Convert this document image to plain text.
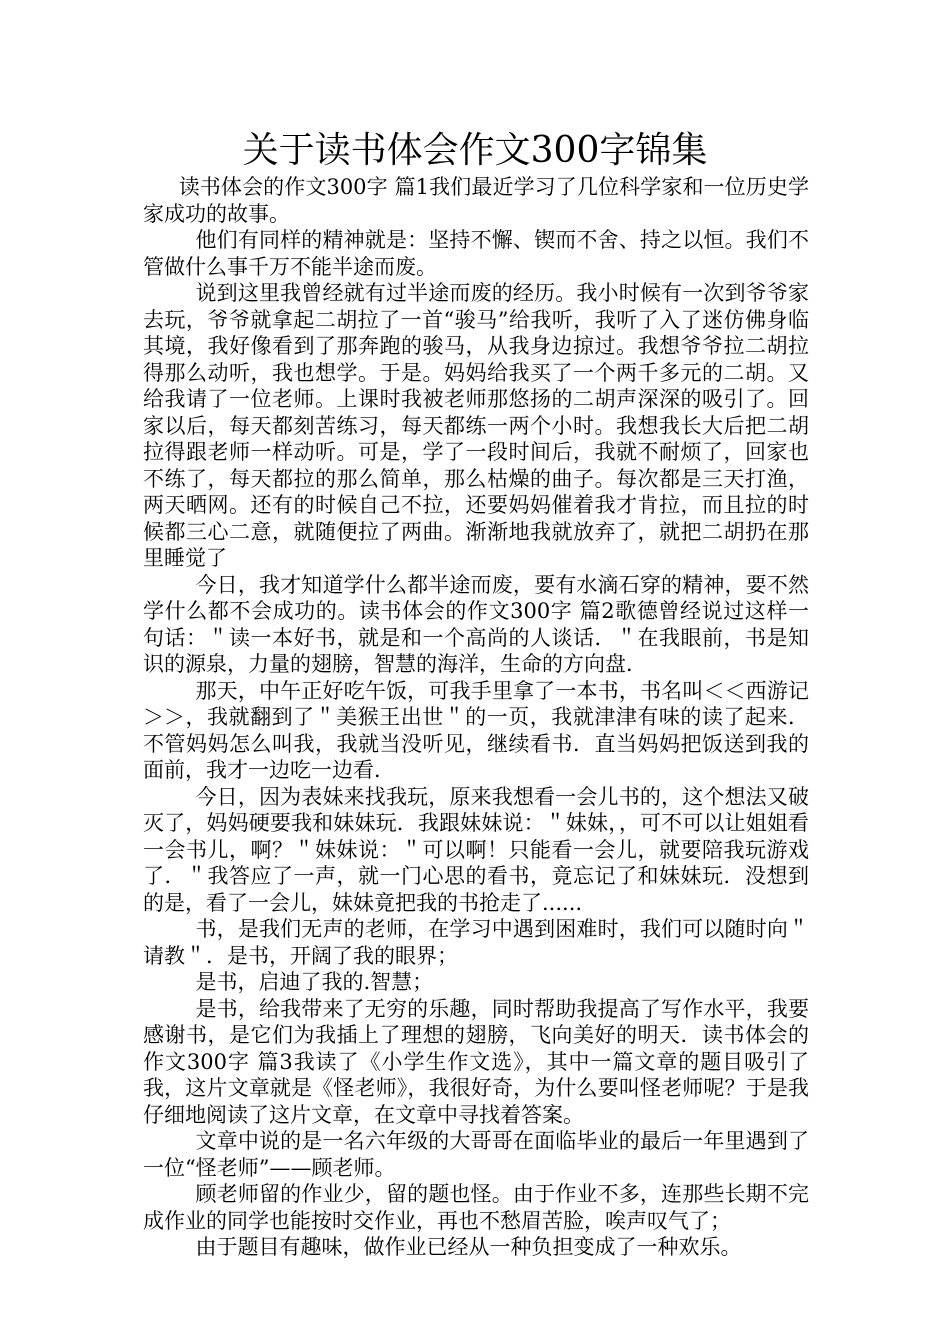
关于读书体会作文300字锦集

读书体会的作文300字 篇1我们最近学习了几位科学家和一位历史学家成功的故事。

他们有同样的精神就是：坚持不懈、锲而不舍、持之以恒。我们不管做什么事千万不能半途而废。

说到这里我曾经就有过半途而废的经历。我小时候有一次到爷爷家去玩，爷爷就拿起二胡拉了一首“骏马”给我听，我听了入了迷仿佛身临其境，我好像看到了那奔跑的骏马，从我身边掠过。我想爷爷拉二胡拉得那么动听，我也想学。于是。妈妈给我买了一个两千多元的二胡。又给我请了一位老师。上课时我被老师那悠扬的二胡声深深的吸引了。回家以后，每天都刻苦练习，每天都练一两个小时。我想我长大后把二胡拉得跟老师一样动听。可是，学了一段时间后，我就不耐烦了，回家也不练了，每天都拉的那么简单，那么枯燥的曲子。每次都是三天打渔，两天晒网。还有的时候自己不拉，还要妈妈催着我才肯拉，而且拉的时候都三心二意，就随便拉了两曲。渐渐地我就放弃了，就把二胡扔在那里睡觉了

今日，我才知道学什么都半途而废，要有水滴石穿的精神，要不然学什么都不会成功的。读书体会的作文300字 篇2歌德曾经说过这样一句话：＂读一本好书，就是和一个高尚的人谈话．＂在我眼前，书是知识的源泉，力量的翅膀，智慧的海洋，生命的方向盘．

那天，中午正好吃午饭，可我手里拿了一本书，书名叫＜＜西游记＞＞，我就翻到了＂美猴王出世＂的一页，我就津津有味的读了起来．不管妈妈怎么叫我，我就当没听见，继续看书．直当妈妈把饭送到我的面前，我才一边吃一边看．

今日，因为表妹来找我玩，原来我想看一会儿书的，这个想法又破灭了，妈妈硬要我和妹妹玩．我跟妹妹说：＂妹妹，，可不可以让姐姐看一会书儿，啊？＂妹妹说：＂可以啊！只能看一会儿，就要陪我玩游戏了．＂我答应了一声，就一门心思的看书，竟忘记了和妹妹玩．没想到的是，看了一会儿，妹妹竟把我的书抢走了......

书，是我们无声的老师，在学习中遇到困难时，我们可以随时向＂请教＂．是书，开阔了我的眼界；

是书，启迪了我的.智慧；

是书，给我带来了无穷的乐趣，同时帮助我提高了写作水平，我要感谢书，是它们为我插上了理想的翅膀，飞向美好的明天．读书体会的作文300字 篇3我读了《小学生作文选》，其中一篇文章的题目吸引了我，这片文章就是《怪老师》，我很好奇，为什么要叫怪老师呢？于是我仔细地阅读了这片文章，在文章中寻找着答案。

文章中说的是一名六年级的大哥哥在面临毕业的最后一年里遇到了一位“怪老师”——顾老师。

顾老师留的作业少，留的题也怪。由于作业不多，连那些长期不完成作业的同学也能按时交作业，再也不愁眉苦脸，唉声叹气了；

由于题目有趣味，做作业已经从一种负担变成了一种欢乐。
